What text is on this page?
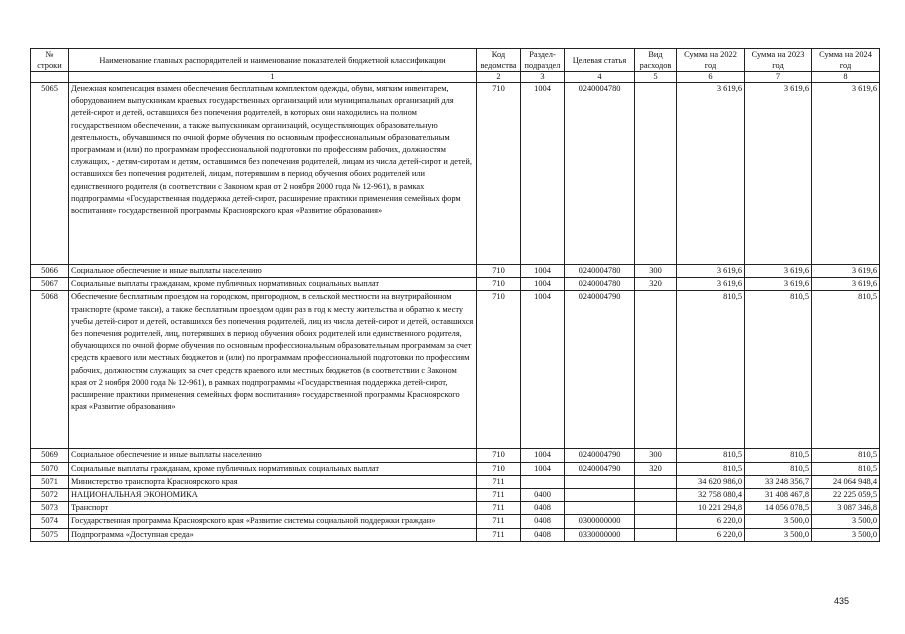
№ строки	Наименование главных распорядителей и наименование показателей бюджетной классификации	Код ведомства	Раздел-подраздел	Целевая статья	Вид расходов	Сумма на 2022 год	Сумма на 2023 год	Сумма на 2024 год
	1	2	3	4	5	6	7	8
5065	Денежная компенсация взамен обеспечения бесплатным комплектом одежды, обуви, мягким инвентарем, оборудованием выпускникам краевых государственных организаций или муниципальных организаций для детей-сирот и детей, оставшихся без попечения родителей, в которых они находились на полном государственном обеспечении, а также выпускникам организаций, осуществляющих образовательную деятельность, обучавшимся по очной форме обучения по основным профессиональным образовательным программам и (или) по программам профессиональной подготовки по профессиям рабочих, должностям служащих, - детям-сиротам и детям, оставшимся без попечения родителей, лицам из числа детей-сирот и детей, оставшихся без попечения родителей, лицам, потерявшим в период обучения обоих родителей или единственного родителя (в соответствии с Законом края от 2 ноября 2000 года № 12-961), в рамках подпрограммы «Государственная поддержка детей-сирот, расширение практики применения семейных форм воспитания» государственной программы Красноярского края «Развитие образования»	710	1004	0240004780		3 619,6	3 619,6	3 619,6
5066	Социальное обеспечение и иные выплаты населению	710	1004	0240004780	300	3 619,6	3 619,6	3 619,6
5067	Социальные выплаты гражданам, кроме публичных нормативных социальных выплат	710	1004	0240004780	320	3 619,6	3 619,6	3 619,6
5068	Обеспечение бесплатным проездом на городском, пригородном, в сельской местности на внутрирайонном транспорте (кроме такси), а также бесплатным проездом один раз в год к месту жительства и обратно к месту учебы детей-сирот и детей, оставшихся без попечения родителей, лиц из числа детей-сирот и детей, оставшихся без попечения родителей, лиц, потерявших в период обучения обоих родителей или единственного родителя, обучающихся по очной форме обучения по основным профессиональным образовательным программам за счет средств краевого или местных бюджетов и (или) по программам профессиональной подготовки по профессиям рабочих, должностям служащих за счет средств краевого или местных бюджетов (в соответствии с Законом края от 2 ноября 2000 года № 12-961), в рамках подпрограммы «Государственная поддержка детей-сирот, расширение практики применения семейных форм воспитания» государственной программы Красноярского края «Развитие образования»	710	1004	0240004790		810,5	810,5	810,5
5069	Социальное обеспечение и иные выплаты населению	710	1004	0240004790	300	810,5	810,5	810,5
5070	Социальные выплаты гражданам, кроме публичных нормативных социальных выплат	710	1004	0240004790	320	810,5	810,5	810,5
5071	Министерство транспорта Красноярского края	711				34 620 986,0	33 248 356,7	24 064 948,4
5072	НАЦИОНАЛЬНАЯ ЭКОНОМИКА	711	0400			32 758 080,4	31 408 467,8	22 225 059,5
5073	Транспорт	711	0408			10 221 294,8	14 056 078,5	3 087 346,8
5074	Государственная программа Красноярского края «Развитие системы социальной поддержки граждан»	711	0408	0300000000		6 220,0	3 500,0	3 500,0
5075	Подпрограмма «Доступная среда»	711	0408	0330000000		6 220,0	3 500,0	3 500,0
435
